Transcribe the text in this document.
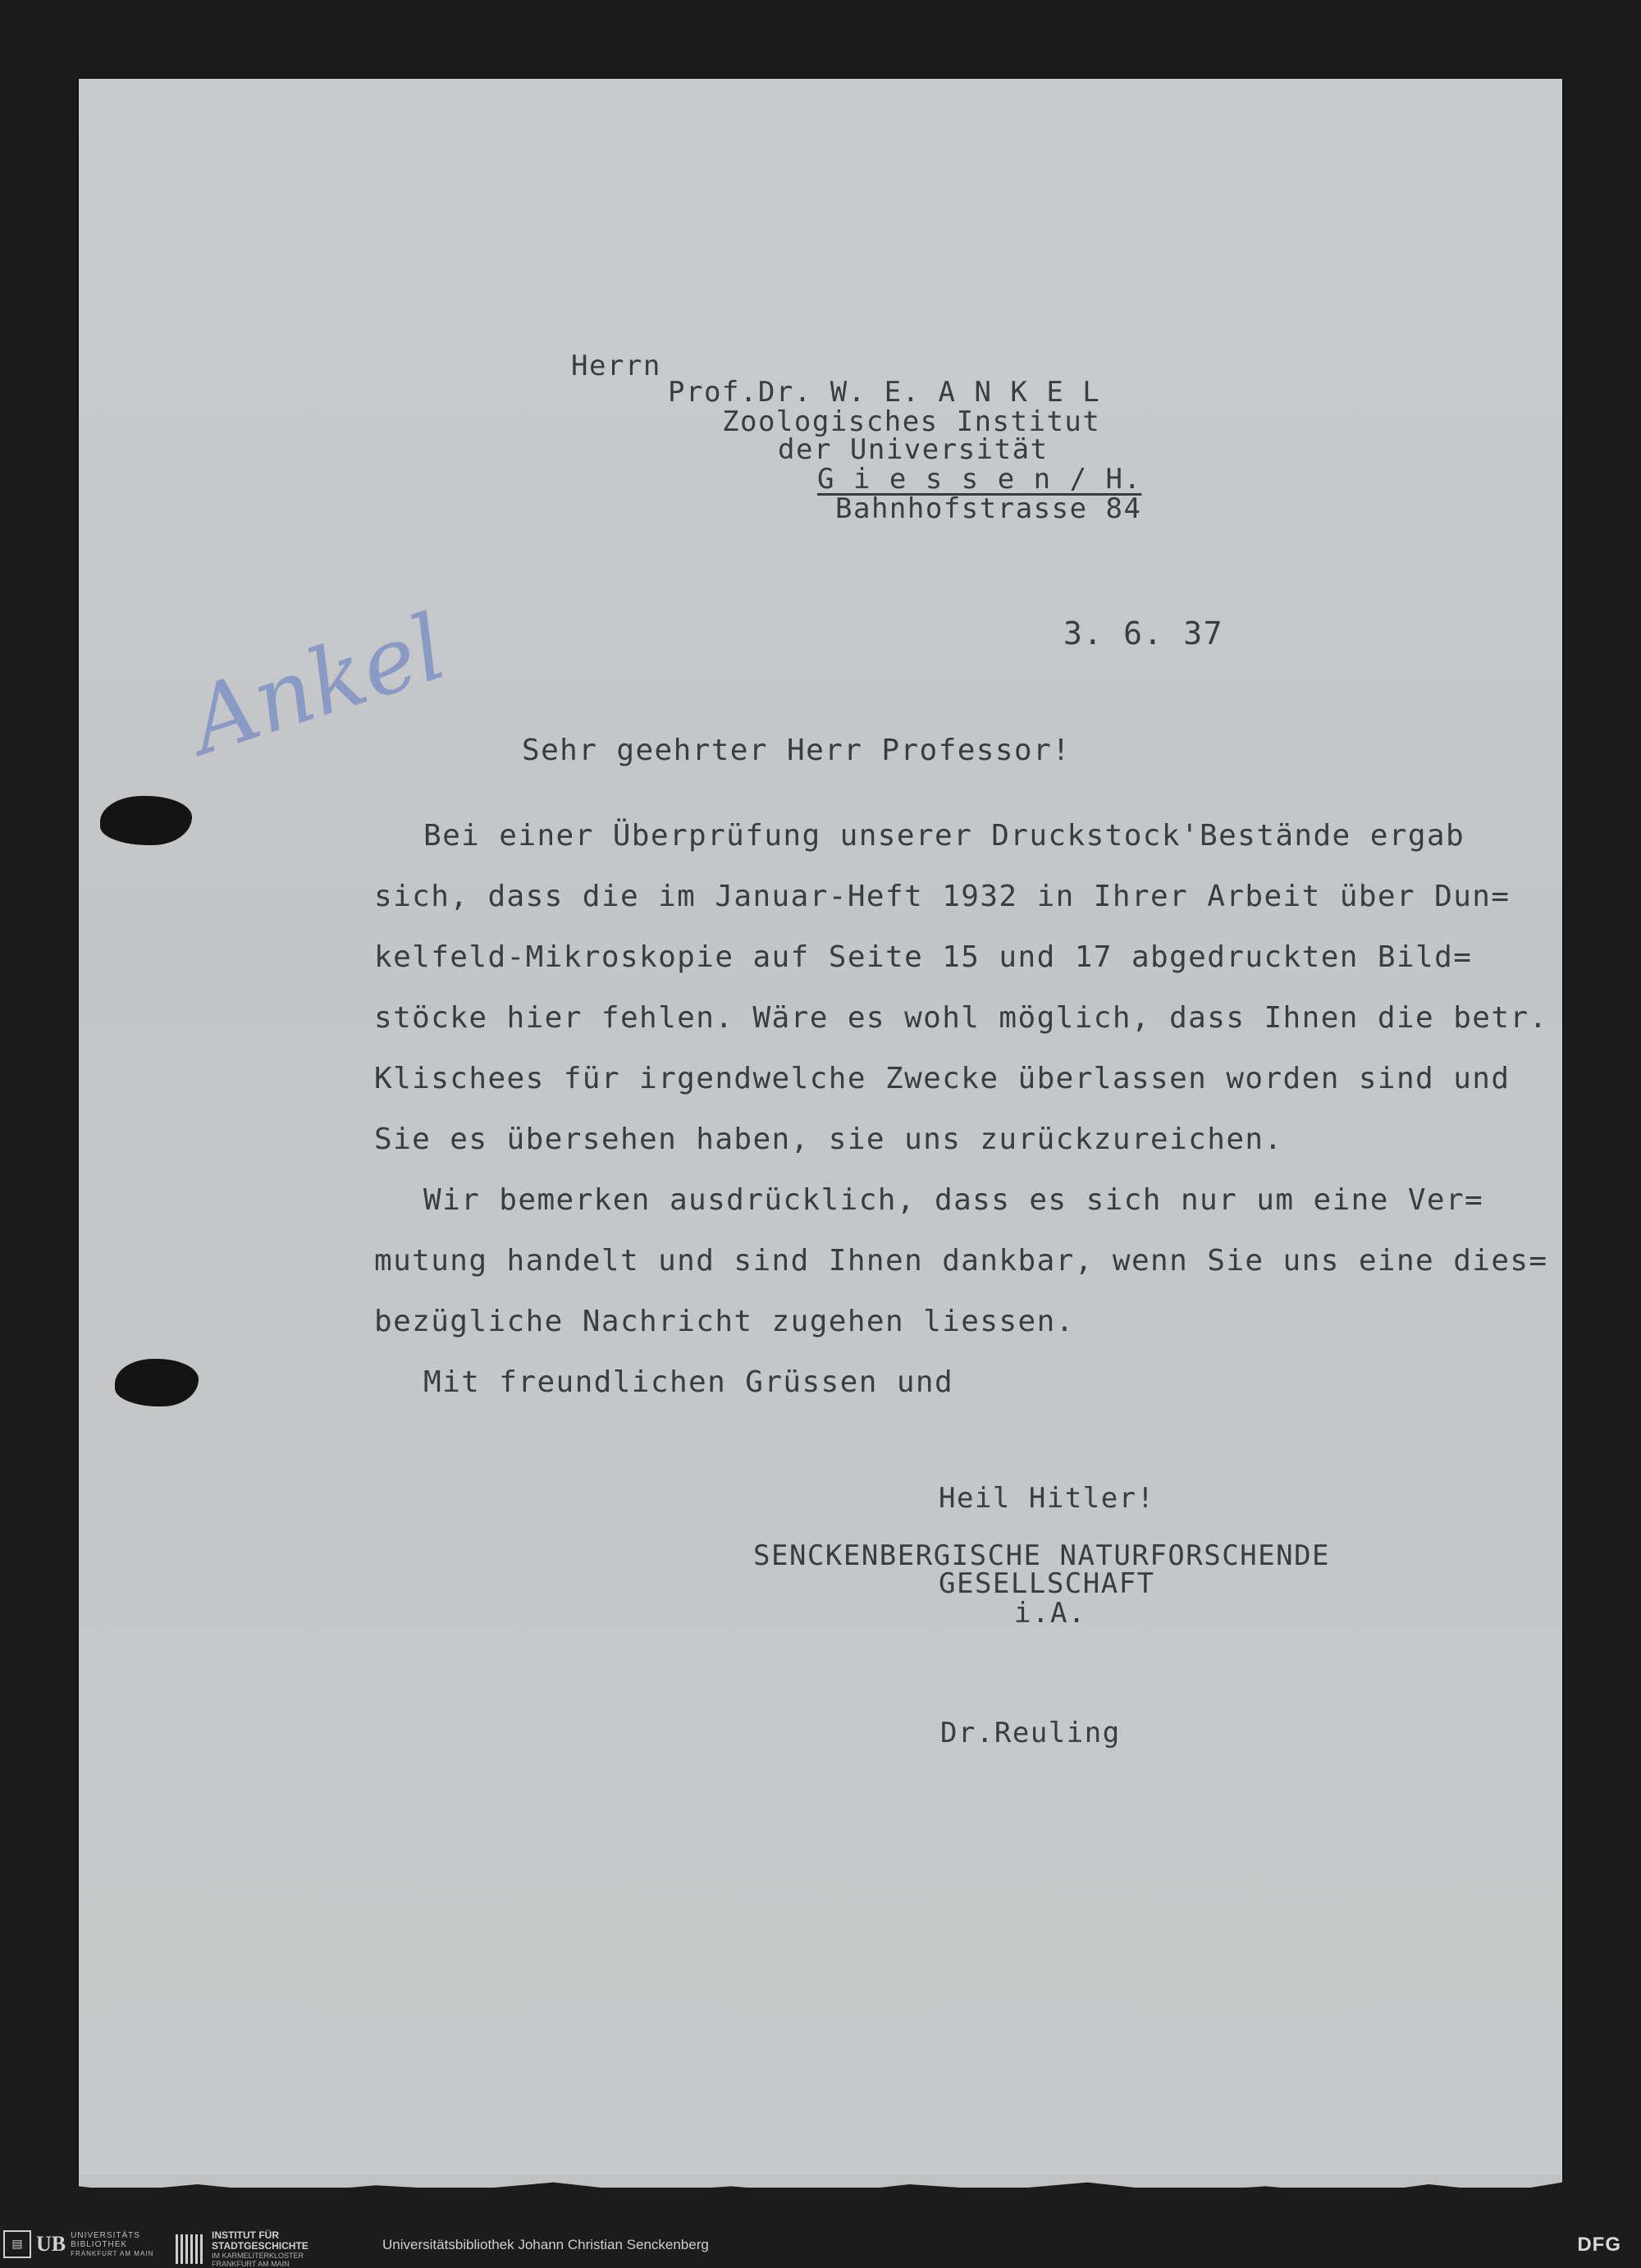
Herrn
Prof.Dr. W. E. A N K E L
Zoologisches Institut
der Universität
G i e s s e n / H.
Bahnhofstrasse 84
Ankel	3. 6. 37
Sehr geehrter Herr Professor!
Bei einer Überprüfung unserer Druckstock'Bestände ergab
sich, dass die im Januar-Heft 1932 in Ihrer Arbeit über Dun=
kelfeld-Mikroskopie auf Seite 15 und 17 abgedruckten Bild=
stöcke hier fehlen. Wäre es wohl möglich, dass Ihnen die betr.
Klischees für irgendwelche Zwecke überlassen worden sind und
Sie es übersehen haben, sie uns zurückzureichen.
Wir bemerken ausdrücklich, dass es sich nur um eine Ver=
mutung handelt und sind Ihnen dankbar, wenn Sie uns eine dies=
bezügliche Nachricht zugehen liessen.
Mit freundlichen Grüssen und
Heil Hitler!
SENCKENBERGISCHE NATURFORSCHENDE
GESELLSCHAFT
i.A.
Dr.Reuling
▤ UB UNIVERSITÄTS
BIBLIOTHEK
FRANKFURT AM MAIN
INSTITUT FÜR
STADTGESCHICHTE
IM KARMELITERKLOSTER
FRANKFURT AM MAIN
Universitätsbibliothek Johann Christian Senckenberg	DFG
